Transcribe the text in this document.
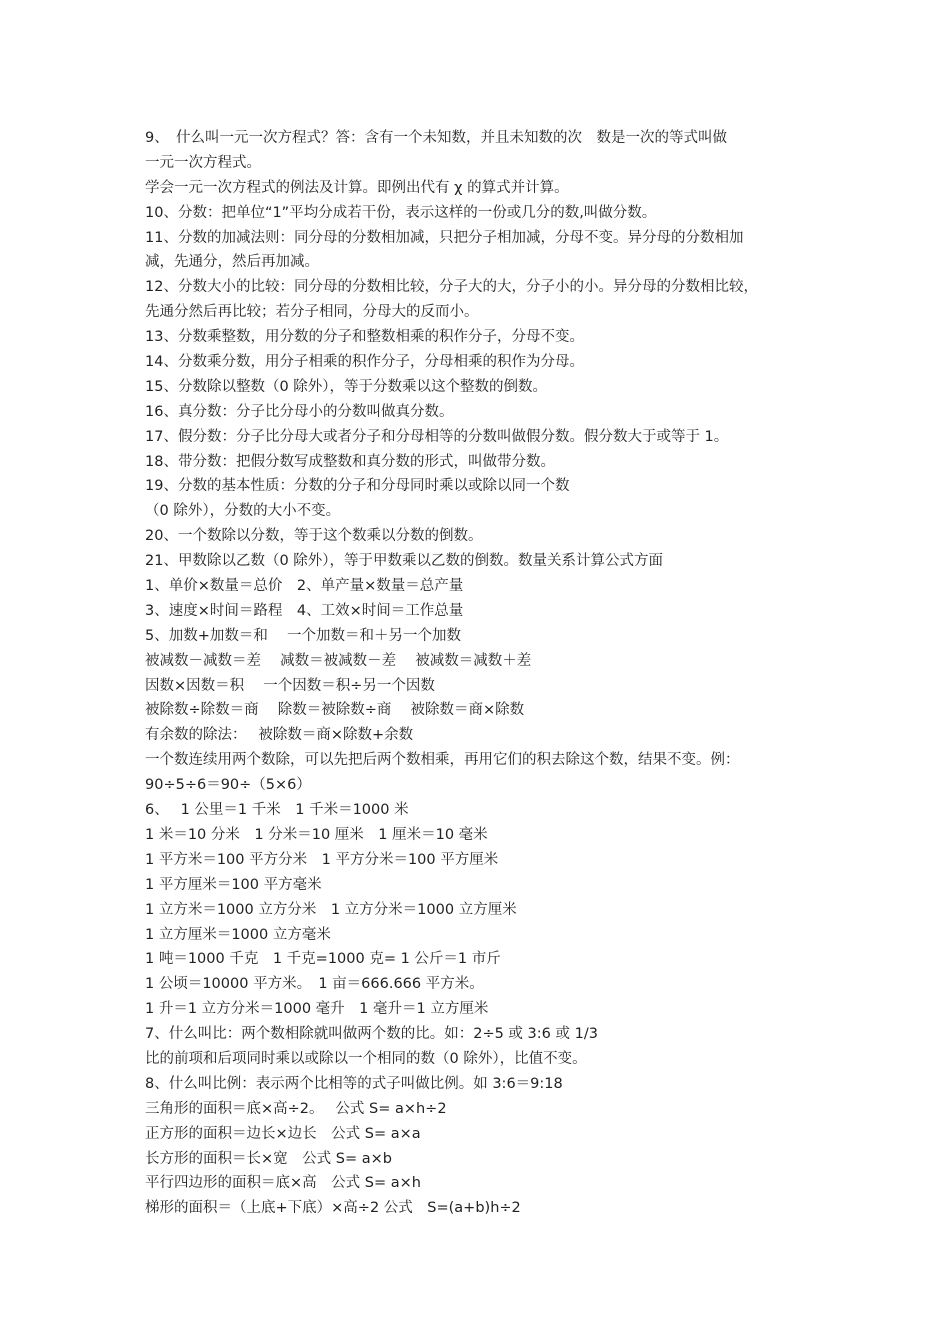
9、　什么叫一元一次方程式？答：含有一个未知数，并且未知数的次　数是一次的等式叫做
一元一次方程式。
学会一元一次方程式的例法及计算。即例出代有 χ 的算式并计算。
10、分数：把单位“1”平均分成若干份，表示这样的一份或几分的数,叫做分数。
11、分数的加减法则：同分母的分数相加减，只把分子相加减，分母不变。异分母的分数相加
减，先通分，然后再加减。
12、分数大小的比较：同分母的分数相比较，分子大的大，分子小的小。异分母的分数相比较，
先通分然后再比较；若分子相同，分母大的反而小。
13、分数乘整数，用分数的分子和整数相乘的积作分子，分母不变。
14、分数乘分数，用分子相乘的积作分子，分母相乘的积作为分母。
15、分数除以整数（0 除外），等于分数乘以这个整数的倒数。
16、真分数：分子比分母小的分数叫做真分数。
17、假分数：分子比分母大或者分子和分母相等的分数叫做假分数。假分数大于或等于 1。
18、带分数：把假分数写成整数和真分数的形式，叫做带分数。
19、分数的基本性质：分数的分子和分母同时乘以或除以同一个数
（0 除外），分数的大小不变。
20、一个数除以分数，等于这个数乘以分数的倒数。
21、甲数除以乙数（0 除外），等于甲数乘以乙数的倒数。数量关系计算公式方面
1、单价×数量＝总价　2、单产量×数量＝总产量
3、速度×时间＝路程　4、工效×时间＝工作总量
5、加数+加数＝和　 一个加数＝和＋另一个加数
被减数－减数＝差　 减数＝被减数－差　 被减数＝减数＋差
因数×因数＝积　 一个因数＝积÷另一个因数
被除数÷除数＝商　 除数＝被除数÷商　 被除数＝商×除数
有余数的除法：　 被除数＝商×除数+余数
一个数连续用两个数除，可以先把后两个数相乘，再用它们的积去除这个数，结果不变。例：
90÷5÷6＝90÷（5×6）
6、　 1 公里＝1 千米　1 千米＝1000 米
1 米＝10 分米　1 分米＝10 厘米　1 厘米＝10 毫米
1 平方米＝100 平方分米　1 平方分米＝100 平方厘米
1 平方厘米＝100 平方毫米
1 立方米＝1000 立方分米　1 立方分米＝1000 立方厘米
1 立方厘米＝1000 立方毫米
1 吨＝1000 千克　1 千克=1000 克= 1 公斤＝1 市斤
1 公顷＝10000 平方米。　1 亩＝666.666 平方米。
1 升＝1 立方分米＝1000 毫升　1 毫升＝1 立方厘米
7、什么叫比：两个数相除就叫做两个数的比。如：2÷5 或 3:6 或 1/3
比的前项和后项同时乘以或除以一个相同的数（0 除外），比值不变。
8、什么叫比例：表示两个比相等的式子叫做比例。如 3:6＝9:18
三角形的面积＝底×高÷2。　 公式 S= a×h÷2
正方形的面积＝边长×边长　公式 S= a×a
长方形的面积＝长×宽　公式 S= a×b
平行四边形的面积＝底×高　公式 S= a×h
梯形的面积＝（上底+下底）×高÷2 公式　S=(a+b)h÷2
